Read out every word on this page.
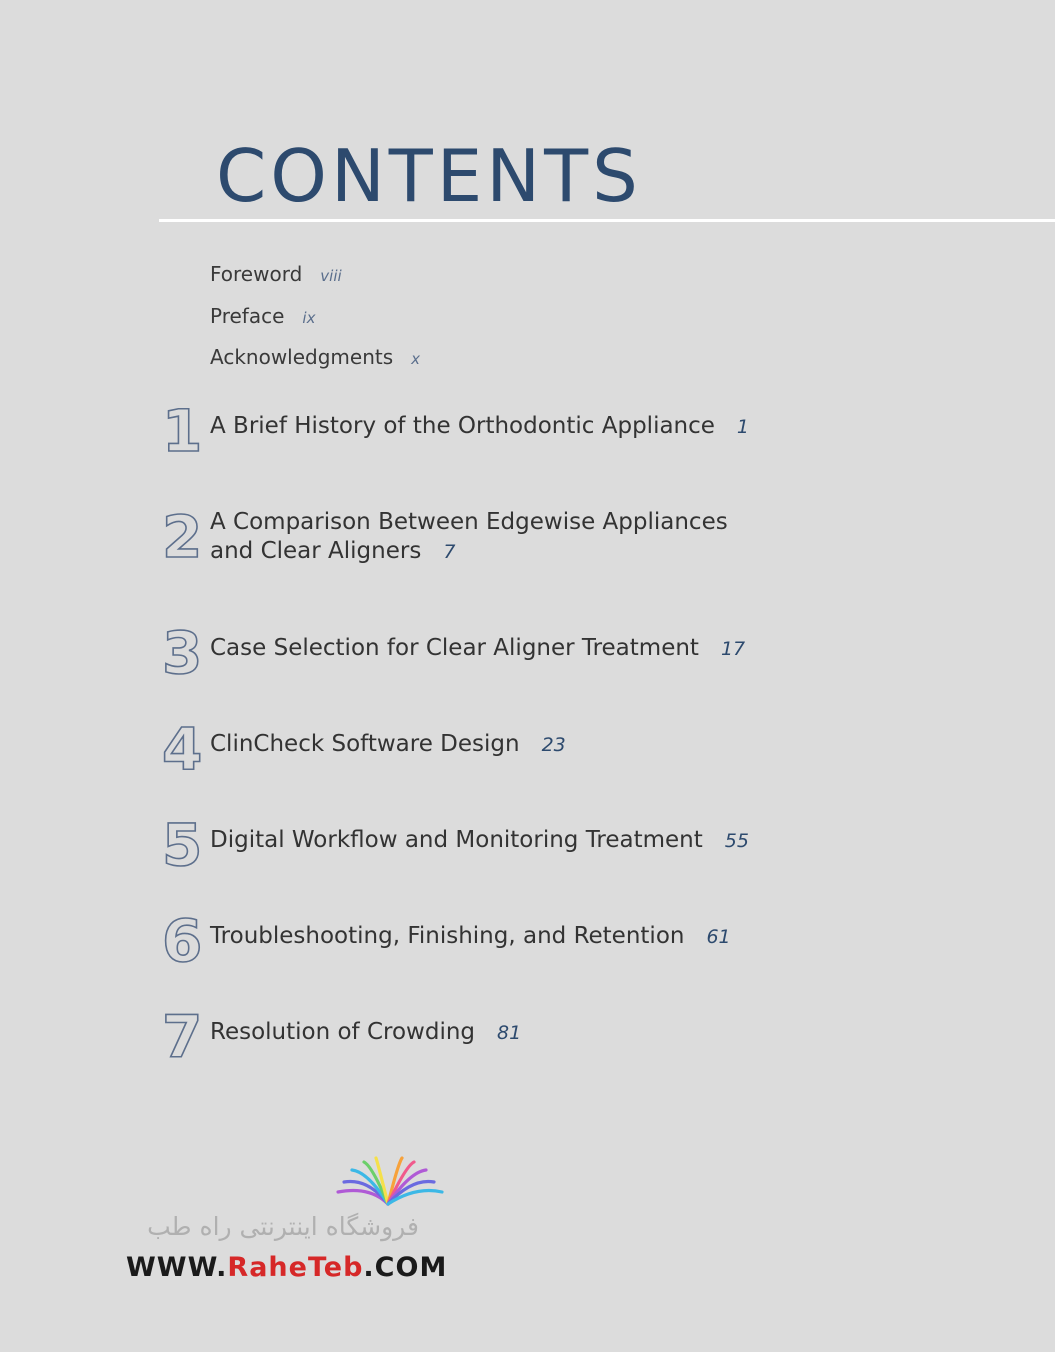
CONTENTS
Foreword viii
Preface ix
Acknowledgments x
1 A Brief History of the Orthodontic Appliance 1
2 A Comparison Between Edgewise Appliances
and Clear Aligners 7
3 Case Selection for Clear Aligner Treatment 17
4 ClinCheck Software Design 23
5 Digital Workflow and Monitoring Treatment 55
6 Troubleshooting, Finishing, and Retention 61
7 Resolution of Crowding 81
فروشگاه اینترنتی راه طب
WWW.RaheTeb.COM
